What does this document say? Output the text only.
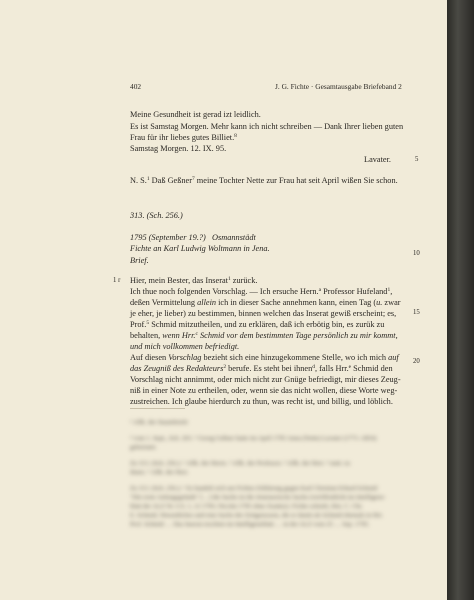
402	J. G. Fichte · Gesamtausgabe Briefeband 2
Meine Gesundheit ist gerad izt leidlich.
Es ist Samstag Morgen. Mehr kann ich nicht schreiben — Dank Ihrer lieben guten
Frau für ihr liebes gutes Billiet.$^8$
Samstag Morgen. 12. IX. 95.
Lavater.
N. S.$^1$ Daß Geßner$^7$ meine Tochter Nette zur Frau hat seit April wißen Sie schon.
313. (Sch. 256.)
1795 (September 19.?) Osmannstädt
Fichte an Karl Ludwig Woltmann in Jena.
Brief.
Hier, mein Bester, das Inserat$^1$ zurück.
Ich thue noch folgenden Vorschlag. — Ich ersuche Hern.$^a$ Professor Hufeland$^1$,
deßen Vermittelung allein ich in dieser Sache annehmen kann, einen Tag (u. zwar
je eher, je lieber) zu bestimmen, binnen welchen das Inserat gewiß erscheint; es,
Prof.$^5$ Schmid mitzutheilen, und zu erklären, daß ich erbötig bin, es zurük zu
behalten, wenn Hrr.$^c$ Schmid vor dem bestimmten Tage persönlich zu mir kommt,
und mich vollkommen befriedigt.
Auf diesen Vorschlag bezieht sich eine hinzugekommene Stelle, wo ich mich auf
das Zeugniß des Redakteurs$^2$ berufe. Es steht bei ihnen$^d$, falls Hrr.$^e$ Schmid den
Vorschlag nicht annimmt, oder mich nicht zur Gnüge befriedigt, mir dieses Zeug-
niß in einer Note zu ertheilen, oder, wenn sie das nicht wollen, diese Worte weg-
zustreichen. Ich glaube hierdurch zu thun, was recht ist, und billig, und löblich.
1 r
5
10
15
20
¹ Aflk. der Staatsbriefe
² vom 1. Sept., Sch. 203. ³ Georg Geßner hatte im April 1795 Anna (Nette) Lavater (1771–1854)
geheiratet.
Zu 313. (Sch. 256.): ¹ Aflk. der Herrn. ² Aflk. der Professor. ³ Aflk. der Herr. ⁴ statt: zu
ihnen. ⁵ Aflk. der Herr.
Zu 313. (Sch. 256.): ¹ Es handelt sich um Fichtes Erklärung gegen Karl Christian Erhard Schmid
"Die erste Anfangsgründe" […] die Sache ist die Jenenserische Sache (veröffentlicht im Intelligenz-
blatt der ALZ Nr. 6 S. 1, 12 1795; Nicolai 1795 ohne Zusätze). Fichte schrieb, Hrn. C. Chr.
E. Schmid, Wesentliches und eine Sache der Zeitgenossen, die er damit als Schmid ehemals in Hrr.
Prof. Schmid … Das Inserat erschien im Intelligenzblatt … in der ALZ vom 25 … Sep. 1795.
